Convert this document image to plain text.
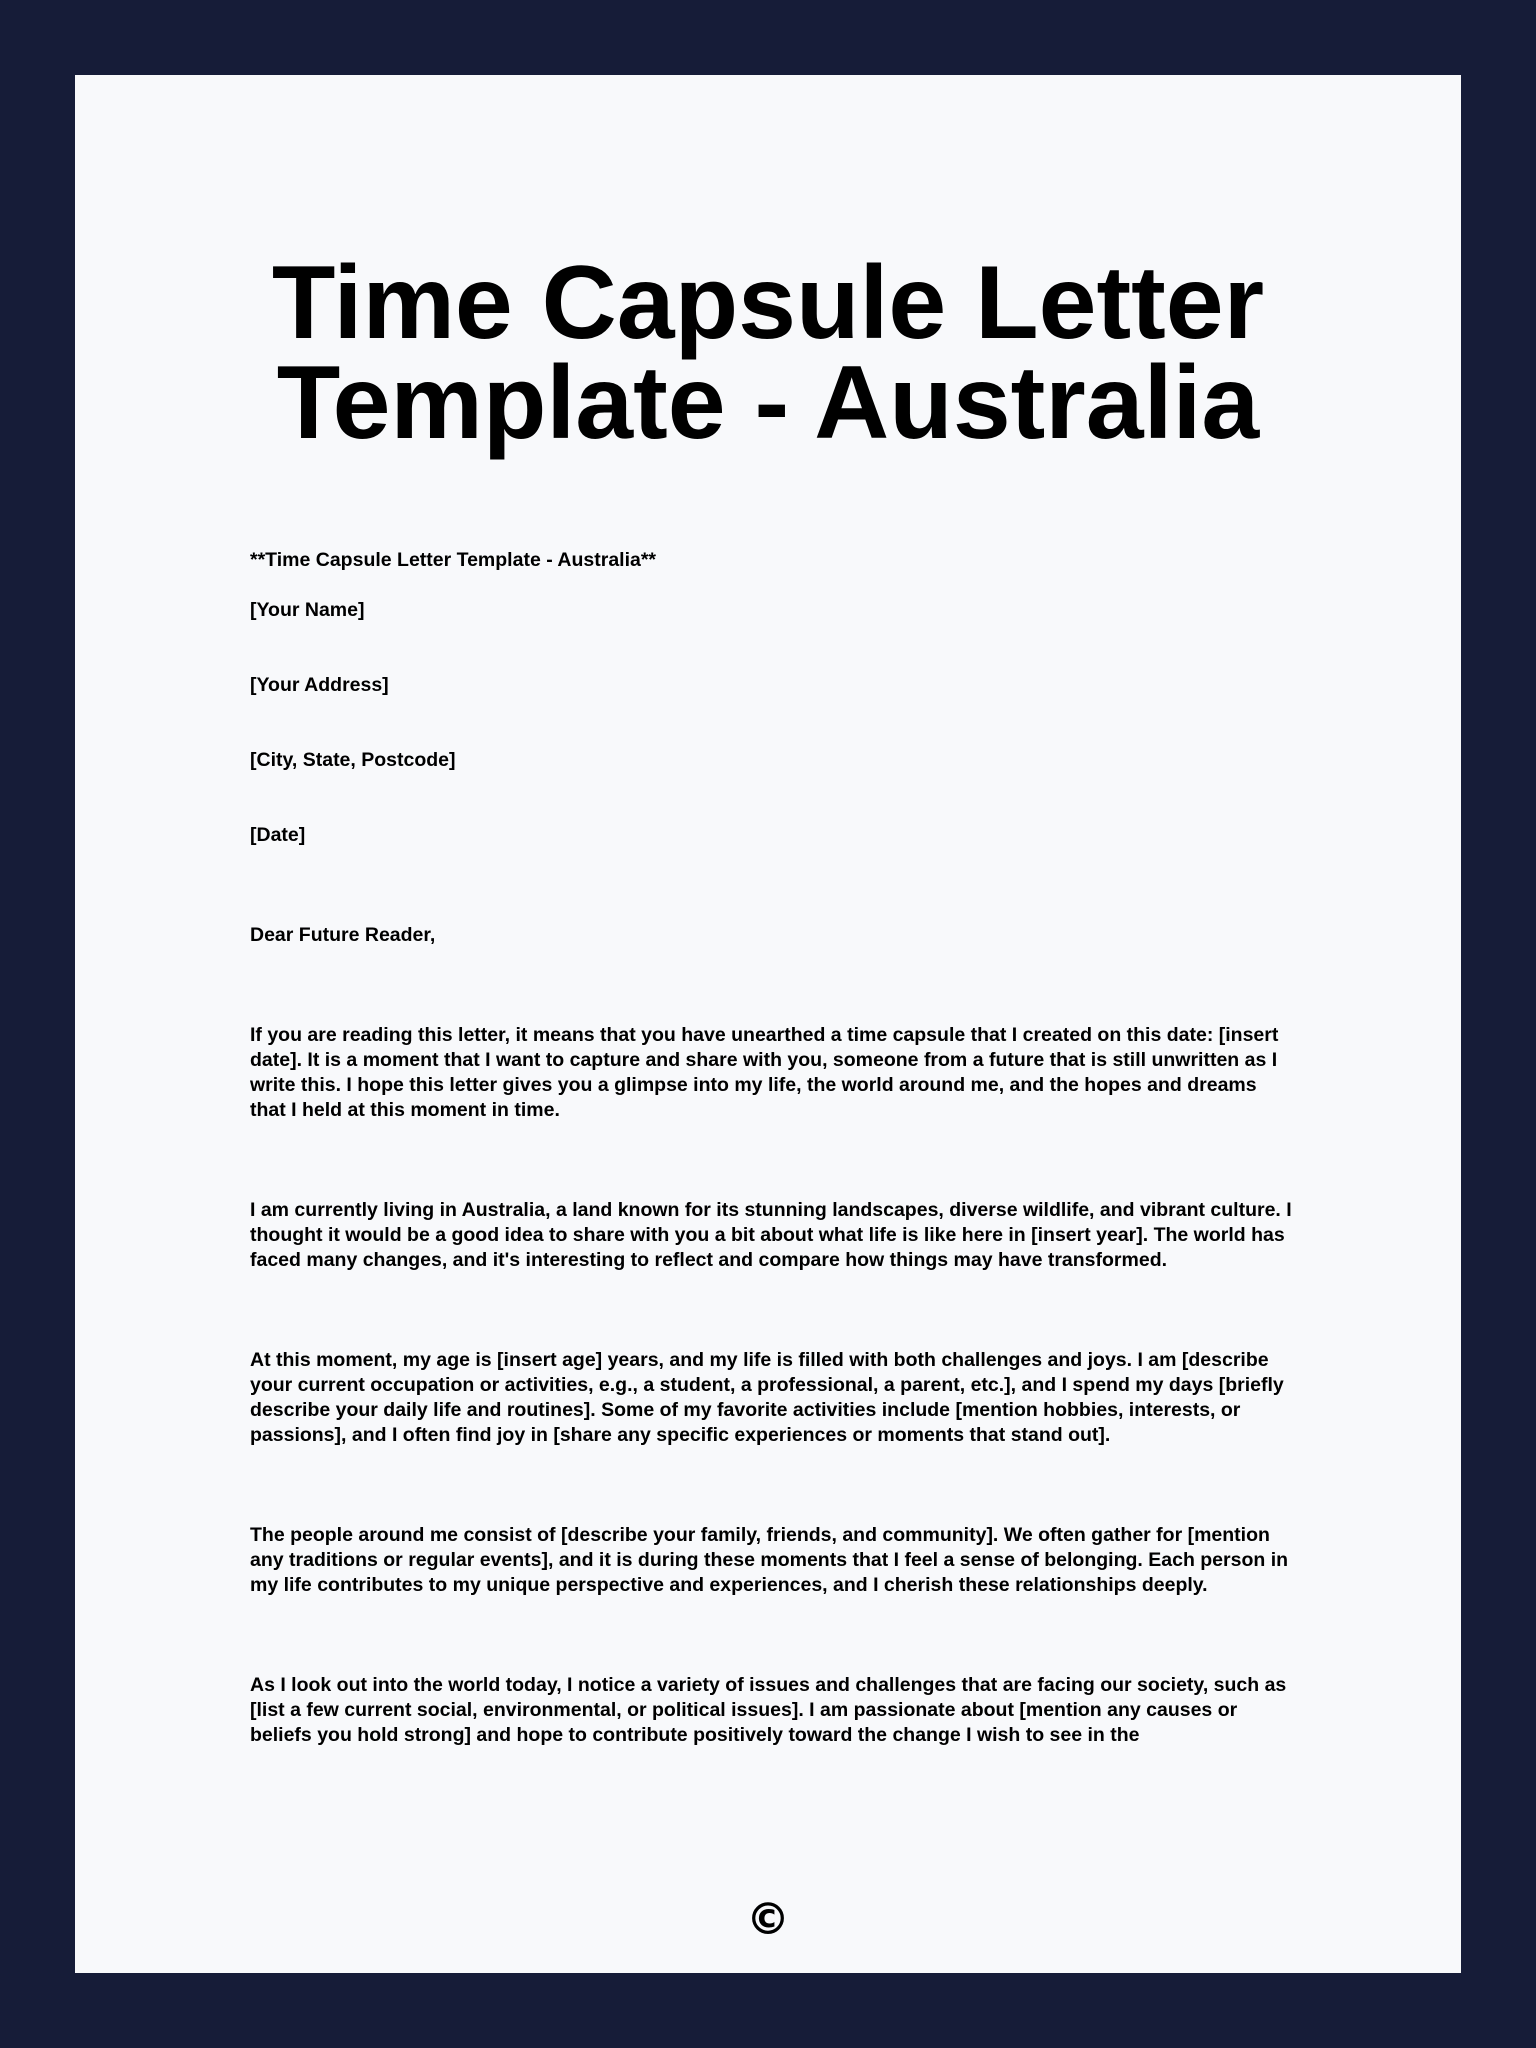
Time Capsule Letter
Template - Australia

**Time Capsule Letter Template - Australia**

[Your Name]

[Your Address]

[City, State, Postcode]

[Date]

Dear Future Reader,

If you are reading this letter, it means that you have unearthed a time capsule that I created on this date: [insert date]. It is a moment that I want to capture and share with you, someone from a future that is still unwritten as I write this. I hope this letter gives you a glimpse into my life, the world around me, and the hopes and dreams that I held at this moment in time.

I am currently living in Australia, a land known for its stunning landscapes, diverse wildlife, and vibrant culture. I thought it would be a good idea to share with you a bit about what life is like here in [insert year]. The world has faced many changes, and it's interesting to reflect and compare how things may have transformed.

At this moment, my age is [insert age] years, and my life is filled with both challenges and joys. I am [describe your current occupation or activities, e.g., a student, a professional, a parent, etc.], and I spend my days [briefly describe your daily life and routines]. Some of my favorite activities include [mention hobbies, interests, or passions], and I often find joy in [share any specific experiences or moments that stand out].

The people around me consist of [describe your family, friends, and community]. We often gather for [mention any traditions or regular events], and it is during these moments that I feel a sense of belonging. Each person in my life contributes to my unique perspective and experiences, and I cherish these relationships deeply.

As I look out into the world today, I notice a variety of issues and challenges that are facing our society, such as [list a few current social, environmental, or political issues]. I am passionate about [mention any causes or beliefs you hold strong] and hope to contribute positively toward the change I wish to see in the

©
